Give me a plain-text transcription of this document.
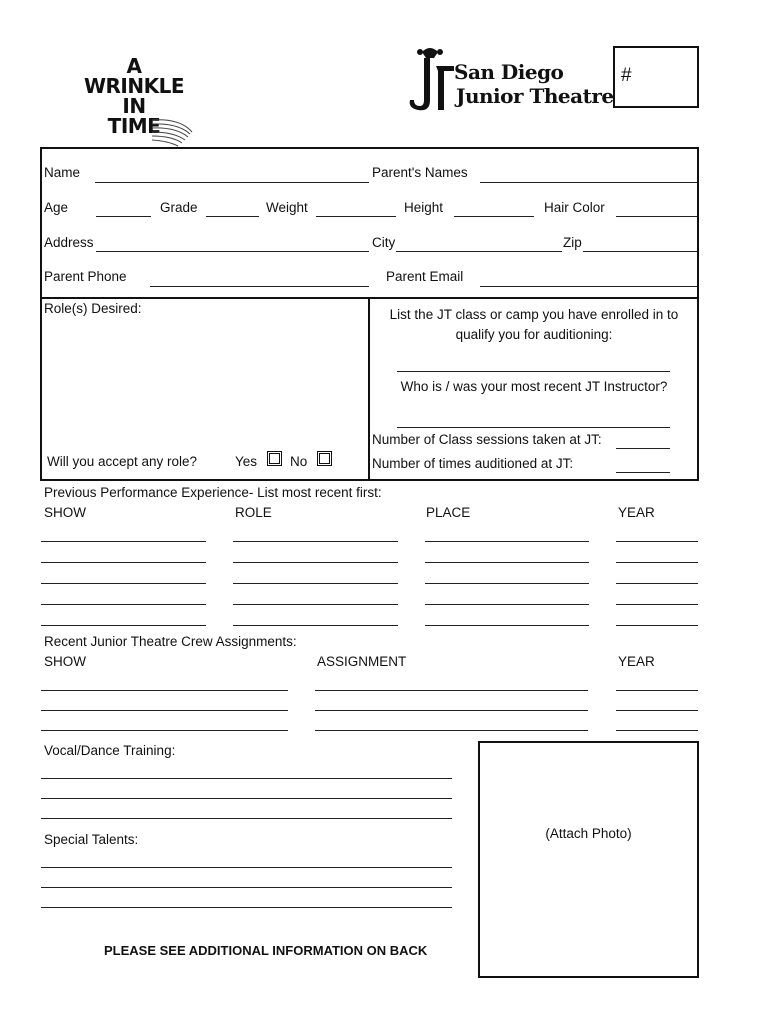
A
WRINKLE
IN
TIME
San Diego
Junior Theatre
#
Name	Parent's Names
Age	Grade	Weight	Height	Hair Color
Address	City	Zip
Parent Phone	Parent Email
Role(s) Desired:
Will you accept any role?	Yes No
List the JT class or camp you have enrolled in to
qualify you for auditioning:
Who is / was your most recent JT Instructor?
Number of Class sessions taken at JT:
Number of times auditioned at JT:
Previous Performance Experience- List most recent first:
SHOW	ROLE	PLACE	YEAR
Recent Junior Theatre Crew Assignments:
SHOW	ASSIGNMENT	YEAR
Vocal/Dance Training:
Special Talents:	(Attach Photo)
PLEASE SEE ADDITIONAL INFORMATION ON BACK
